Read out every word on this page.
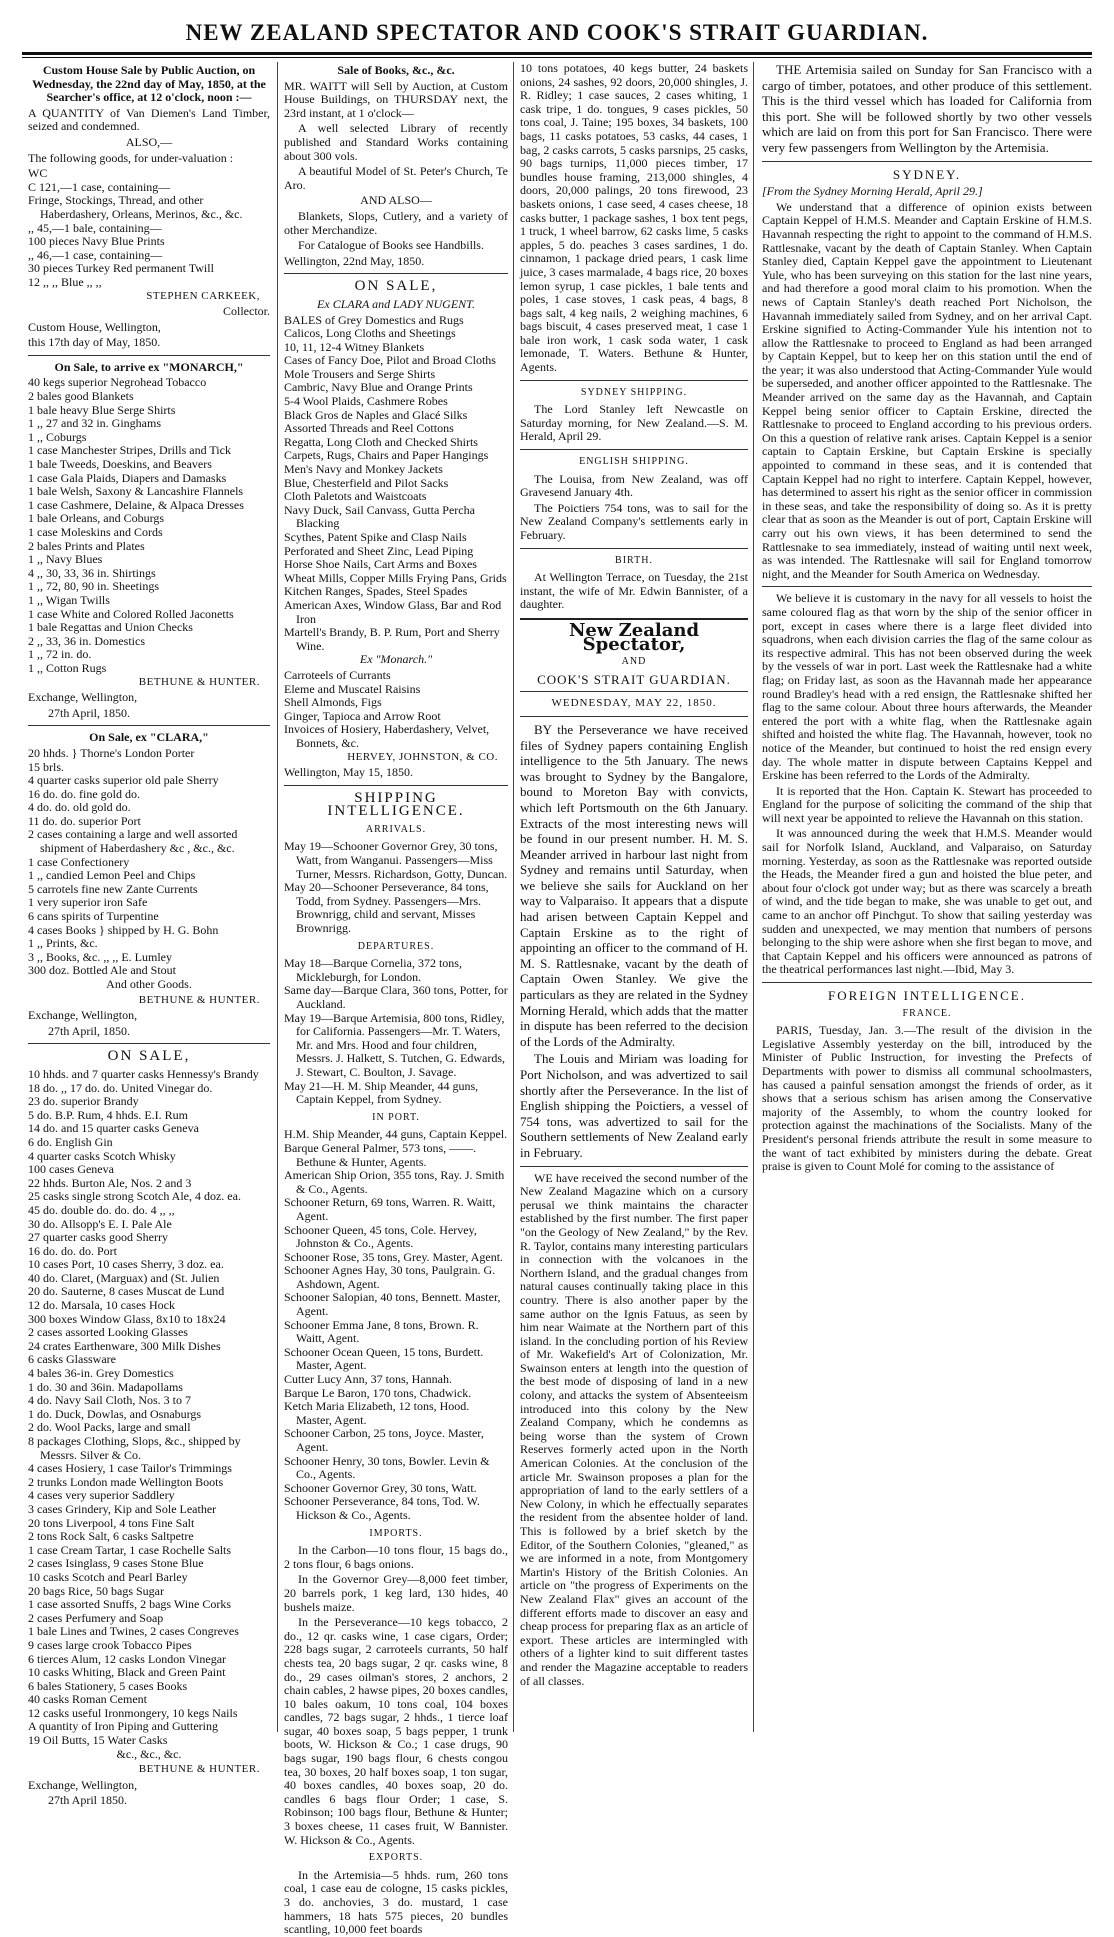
NEW ZEALAND SPECTATOR AND COOK'S STRAIT GUARDIAN.

Custom House Sale by Public Auction, on Wednesday, the 22nd day of May, 1850, at the Searcher's office, at 12 o'clock, noon :—

A QUANTITY of Van Diemen's Land Timber, seized and condemned.

ALSO,—

The following goods, for under-valuation :

WC

C 121,—1 case, containing—

Fringe, Stockings, Thread, and other Haberdashery, Orleans, Merinos, &c., &c.

,, 45,—1 bale, containing—

100 pieces Navy Blue Prints

,, 46,—1 case, containing—

30 pieces Turkey Red permanent Twill

12 ,, ,, Blue ,, ,,

STEPHEN CARKEEK,

Collector.

Custom House, Wellington,

this 17th day of May, 1850.

On Sale, to arrive ex "MONARCH,"

40 kegs superior Negrohead Tobacco

2 bales good Blankets

1 bale heavy Blue Serge Shirts

1 ,, 27 and 32 in. Ginghams

1 ,, Coburgs

1 case Manchester Stripes, Drills and Tick

1 bale Tweeds, Doeskins, and Beavers

1 case Gala Plaids, Diapers and Damasks

1 bale Welsh, Saxony & Lancashire Flannels

1 case Cashmere, Delaine, & Alpaca Dresses

1 bale Orleans, and Coburgs

1 case Moleskins and Cords

2 bales Prints and Plates

1 ,, Navy Blues

4 ,, 30, 33, 36 in. Shirtings

1 ,, 72, 80, 90 in. Sheetings

1 ,, Wigan Twills

1 case White and Colored Rolled Jaconetts

1 bale Regattas and Union Checks

2 ,, 33, 36 in. Domestics

1 ,, 72 in. do.

1 ,, Cotton Rugs

BETHUNE & HUNTER.

Exchange, Wellington,

27th April, 1850.

On Sale, ex "CLARA,"

20 hhds. } Thorne's London Porter

15 brls.

4 quarter casks superior old pale Sherry

16 do. do. fine gold do.

4 do. do. old gold do.

11 do. do. superior Port

2 cases containing a large and well assorted shipment of Haberdashery &c , &c., &c.

1 case Confectionery

1 ,, candied Lemon Peel and Chips

5 carrotels fine new Zante Currents

1 very superior iron Safe

6 cans spirits of Turpentine

4 cases Books } shipped by H. G. Bohn

1 ,, Prints, &c.

3 ,, Books, &c. ,, ,, E. Lumley

300 doz. Bottled Ale and Stout

And other Goods.

BETHUNE & HUNTER.

Exchange, Wellington,

27th April, 1850.

ON SALE,

10 hhds. and 7 quarter casks Hennessy's Brandy

18 do. ,, 17 do. do. United Vinegar do.

23 do. superior Brandy

5 do. B.P. Rum, 4 hhds. E.I. Rum

14 do. and 15 quarter casks Geneva

6 do. English Gin

4 quarter casks Scotch Whisky

100 cases Geneva

22 hhds. Burton Ale, Nos. 2 and 3

25 casks single strong Scotch Ale, 4 doz. ea.

45 do. double do. do. do. 4 ,, ,,

30 do. Allsopp's E. I. Pale Ale

27 quarter casks good Sherry

16 do. do. do. Port

10 cases Port, 10 cases Sherry, 3 doz. ea.

40 do. Claret, (Marguax) and (St. Julien

20 do. Sauterne, 8 cases Muscat de Lund

12 do. Marsala, 10 cases Hock

300 boxes Window Glass, 8x10 to 18x24

2 cases assorted Looking Glasses

24 crates Earthenware, 300 Milk Dishes

6 casks Glassware

4 bales 36-in. Grey Domestics

1 do. 30 and 36in. Madapollams

4 do. Navy Sail Cloth, Nos. 3 to 7

1 do. Duck, Dowlas, and Osnaburgs

2 do. Wool Packs, large and small

8 packages Clothing, Slops, &c., shipped by Messrs. Silver & Co.

4 cases Hosiery, 1 case Tailor's Trimmings

2 trunks London made Wellington Boots

4 cases very superior Saddlery

3 cases Grindery, Kip and Sole Leather

20 tons Liverpool, 4 tons Fine Salt

2 tons Rock Salt, 6 casks Saltpetre

1 case Cream Tartar, 1 case Rochelle Salts

2 cases Isinglass, 9 cases Stone Blue

10 casks Scotch and Pearl Barley

20 bags Rice, 50 bags Sugar

1 case assorted Snuffs, 2 bags Wine Corks

2 cases Perfumery and Soap

1 bale Lines and Twines, 2 cases Congreves

9 cases large crook Tobacco Pipes

6 tierces Alum, 12 casks London Vinegar

10 casks Whiting, Black and Green Paint

6 bales Stationery, 5 cases Books

40 casks Roman Cement

12 casks useful Ironmongery, 10 kegs Nails

A quantity of Iron Piping and Guttering

19 Oil Butts, 15 Water Casks

&c., &c., &c.

BETHUNE & HUNTER.

Exchange, Wellington,

27th April 1850.

Sale of Books, &c., &c.

MR. WAITT will Sell by Auction, at Custom House Buildings, on THURSDAY next, the 23rd instant, at 1 o'clock—

A well selected Library of recently published and Standard Works containing about 300 vols.

A beautiful Model of St. Peter's Church, Te Aro.

AND ALSO—

Blankets, Slops, Cutlery, and a variety of other Merchandize.

For Catalogue of Books see Handbills.

Wellington, 22nd May, 1850.

ON SALE,

Ex CLARA and LADY NUGENT.

BALES of Grey Domestics and Rugs

Calicos, Long Cloths and Sheetings

10, 11, 12-4 Witney Blankets

Cases of Fancy Doe, Pilot and Broad Cloths

Mole Trousers and Serge Shirts

Cambric, Navy Blue and Orange Prints

5-4 Wool Plaids, Cashmere Robes

Black Gros de Naples and Glacé Silks

Assorted Threads and Reel Cottons

Regatta, Long Cloth and Checked Shirts

Carpets, Rugs, Chairs and Paper Hangings

Men's Navy and Monkey Jackets

Blue, Chesterfield and Pilot Sacks

Cloth Paletots and Waistcoats

Navy Duck, Sail Canvass, Gutta Percha Blacking

Scythes, Patent Spike and Clasp Nails

Perforated and Sheet Zinc, Lead Piping

Horse Shoe Nails, Cart Arms and Boxes

Wheat Mills, Copper Mills Frying Pans, Grids

Kitchen Ranges, Spades, Steel Spades

American Axes, Window Glass, Bar and Rod Iron

Martell's Brandy, B. P. Rum, Port and Sherry Wine.

Ex "Monarch."

Carroteels of Currants

Eleme and Muscatel Raisins

Shell Almonds, Figs

Ginger, Tapioca and Arrow Root

Invoices of Hosiery, Haberdashery, Velvet, Bonnets, &c.

HERVEY, JOHNSTON, & CO.

Wellington, May 15, 1850.

SHIPPING INTELLIGENCE.

ARRIVALS.

May 19—Schooner Governor Grey, 30 tons, Watt, from Wanganui. Passengers—Miss Turner, Messrs. Richardson, Gotty, Duncan.

May 20—Schooner Perseverance, 84 tons, Todd, from Sydney. Passengers—Mrs. Brownrigg, child and servant, Misses Brownrigg.

DEPARTURES.

May 18—Barque Cornelia, 372 tons, Mickleburgh, for London.

Same day—Barque Clara, 360 tons, Potter, for Auckland.

May 19—Barque Artemisia, 800 tons, Ridley, for California. Passengers—Mr. T. Waters, Mr. and Mrs. Hood and four children, Messrs. J. Halkett, S. Tutchen, G. Edwards, J. Stewart, C. Boulton, J. Savage.

May 21—H. M. Ship Meander, 44 guns, Captain Keppel, from Sydney.

IN PORT.

H.M. Ship Meander, 44 guns, Captain Keppel.

Barque General Palmer, 573 tons, ——. Bethune & Hunter, Agents.

American Ship Orion, 355 tons, Ray. J. Smith & Co., Agents.

Schooner Return, 69 tons, Warren. R. Waitt, Agent.

Schooner Queen, 45 tons, Cole. Hervey, Johnston & Co., Agents.

Schooner Rose, 35 tons, Grey. Master, Agent.

Schooner Agnes Hay, 30 tons, Paulgrain. G. Ashdown, Agent.

Schooner Salopian, 40 tons, Bennett. Master, Agent.

Schooner Emma Jane, 8 tons, Brown. R. Waitt, Agent.

Schooner Ocean Queen, 15 tons, Burdett. Master, Agent.

Cutter Lucy Ann, 37 tons, Hannah.

Barque Le Baron, 170 tons, Chadwick.

Ketch Maria Elizabeth, 12 tons, Hood. Master, Agent.

Schooner Carbon, 25 tons, Joyce. Master, Agent.

Schooner Henry, 30 tons, Bowler. Levin & Co., Agents.

Schooner Governor Grey, 30 tons, Watt.

Schooner Perseverance, 84 tons, Tod. W. Hickson & Co., Agents.

IMPORTS.

In the Carbon—10 tons flour, 15 bags do., 2 tons flour, 6 bags onions.

In the Governor Grey—8,000 feet timber, 20 barrels pork, 1 keg lard, 130 hides, 40 bushels maize.

In the Perseverance—10 kegs tobacco, 2 do., 12 qr. casks wine, 1 case cigars, Order; 228 bags sugar, 2 carroteels currants, 50 half chests tea, 20 bags sugar, 2 qr. casks wine, 8 do., 29 cases oilman's stores, 2 anchors, 2 chain cables, 2 hawse pipes, 20 boxes candles, 10 bales oakum, 10 tons coal, 104 boxes candles, 72 bags sugar, 2 hhds., 1 tierce loaf sugar, 40 boxes soap, 5 bags pepper, 1 trunk boots, W. Hickson & Co.; 1 case drugs, 90 bags sugar, 190 bags flour, 6 chests congou tea, 30 boxes, 20 half boxes soap, 1 ton sugar, 40 boxes candles, 40 boxes soap, 20 do. candles 6 bags flour Order; 1 case, S. Robinson; 100 bags flour, Bethune & Hunter; 3 boxes cheese, 11 cases fruit, W Bannister. W. Hickson & Co., Agents.

EXPORTS.

In the Artemisia—5 hhds. rum, 260 tons coal, 1 case eau de cologne, 15 casks pickles, 3 do. anchovies, 3 do. mustard, 1 case hammers, 18 hats 575 pieces, 20 bundles scantling, 10,000 feet boards

10 tons potatoes, 40 kegs butter, 24 baskets onions, 24 sashes, 92 doors, 20,000 shingles, J. R. Ridley; 1 case sauces, 2 cases whiting, 1 cask tripe, 1 do. tongues, 9 cases pickles, 50 tons coal, J. Taine; 195 boxes, 34 baskets, 100 bags, 11 casks potatoes, 53 casks, 44 cases, 1 bag, 2 casks carrots, 5 casks parsnips, 25 casks, 90 bags turnips, 11,000 pieces timber, 17 bundles house framing, 213,000 shingles, 4 doors, 20,000 palings, 20 tons firewood, 23 baskets onions, 1 case seed, 4 cases cheese, 18 casks butter, 1 package sashes, 1 box tent pegs, 1 truck, 1 wheel barrow, 62 casks lime, 5 casks apples, 5 do. peaches 3 cases sardines, 1 do. cinnamon, 1 package dried pears, 1 cask lime juice, 3 cases marmalade, 4 bags rice, 20 boxes lemon syrup, 1 case pickles, 1 bale tents and poles, 1 case stoves, 1 cask peas, 4 bags, 8 bags salt, 4 keg nails, 2 weighing machines, 6 bags biscuit, 4 cases preserved meat, 1 case 1 bale iron work, 1 cask soda water, 1 cask lemonade, T. Waters. Bethune & Hunter, Agents.

SYDNEY SHIPPING.

The Lord Stanley left Newcastle on Saturday morning, for New Zealand.—S. M. Herald, April 29.

ENGLISH SHIPPING.

The Louisa, from New Zealand, was off Gravesend January 4th.

The Poictiers 754 tons, was to sail for the New Zealand Company's settlements early in February.

BIRTH.

At Wellington Terrace, on Tuesday, the 21st instant, the wife of Mr. Edwin Bannister, of a daughter.

New Zealand Spectator,

AND

COOK'S STRAIT GUARDIAN.

WEDNESDAY, MAY 22, 1850.

BY the Perseverance we have received files of Sydney papers containing English intelligence to the 5th January. The news was brought to Sydney by the Bangalore, bound to Moreton Bay with convicts, which left Portsmouth on the 6th January. Extracts of the most interesting news will be found in our present number. H. M. S. Meander arrived in harbour last night from Sydney and remains until Saturday, when we believe she sails for Auckland on her way to Valparaiso. It appears that a dispute had arisen between Captain Keppel and Captain Erskine as to the right of appointing an officer to the command of H. M. S. Rattlesnake, vacant by the death of Captain Owen Stanley. We give the particulars as they are related in the Sydney Morning Herald, which adds that the matter in dispute has been referred to the decision of the Lords of the Admiralty.

The Louis and Miriam was loading for Port Nicholson, and was advertized to sail shortly after the Perseverance. In the list of English shipping the Poictiers, a vessel of 754 tons, was advertized to sail for the Southern settlements of New Zealand early in February.

WE have received the second number of the New Zealand Magazine which on a cursory perusal we think maintains the character established by the first number. The first paper "on the Geology of New Zealand," by the Rev. R. Taylor, contains many interesting particulars in connection with the volcanoes in the Northern Island, and the gradual changes from natural causes continually taking place in this country. There is also another paper by the same author on the Ignis Fatuus, as seen by him near Waimate at the Northern part of this island. In the concluding portion of his Review of Mr. Wakefield's Art of Colonization, Mr. Swainson enters at length into the question of the best mode of disposing of land in a new colony, and attacks the system of Absenteeism introduced into this colony by the New Zealand Company, which he condemns as being worse than the system of Crown Reserves formerly acted upon in the North American Colonies. At the conclusion of the article Mr. Swainson proposes a plan for the appropriation of land to the early settlers of a New Colony, in which he effectually separates the resident from the absentee holder of land. This is followed by a brief sketch by the Editor, of the Southern Colonies, "gleaned," as we are informed in a note, from Montgomery Martin's History of the British Colonies. An article on "the progress of Experiments on the New Zealand Flax" gives an account of the different efforts made to discover an easy and cheap process for preparing flax as an article of export. These articles are intermingled with others of a lighter kind to suit different tastes and render the Magazine acceptable to readers of all classes.

THE Artemisia sailed on Sunday for San Francisco with a cargo of timber, potatoes, and other produce of this settlement. This is the third vessel which has loaded for California from this port. She will be followed shortly by two other vessels which are laid on from this port for San Francisco. There were very few passengers from Wellington by the Artemisia.

SYDNEY.

[From the Sydney Morning Herald, April 29.]

We understand that a difference of opinion exists between Captain Keppel of H.M.S. Meander and Captain Erskine of H.M.S. Havannah respecting the right to appoint to the command of H.M.S. Rattlesnake, vacant by the death of Captain Stanley. When Captain Stanley died, Captain Keppel gave the appointment to Lieutenant Yule, who has been surveying on this station for the last nine years, and had therefore a good moral claim to his promotion. When the news of Captain Stanley's death reached Port Nicholson, the Havannah immediately sailed from Sydney, and on her arrival Capt. Erskine signified to Acting-Commander Yule his intention not to allow the Rattlesnake to proceed to England as had been arranged by Captain Keppel, but to keep her on this station until the end of the year; it was also understood that Acting-Commander Yule would be superseded, and another officer appointed to the Rattlesnake. The Meander arrived on the same day as the Havannah, and Captain Keppel being senior officer to Captain Erskine, directed the Rattlesnake to proceed to England according to his previous orders. On this a question of relative rank arises. Captain Keppel is a senior captain to Captain Erskine, but Captain Erskine is specially appointed to command in these seas, and it is contended that Captain Keppel had no right to interfere. Captain Keppel, however, has determined to assert his right as the senior officer in commission in these seas, and take the responsibility of doing so. As it is pretty clear that as soon as the Meander is out of port, Captain Erskine will carry out his own views, it has been determined to send the Rattlesnake to sea immediately, instead of waiting until next week, as was intended. The Rattlesnake will sail for England tomorrow night, and the Meander for South America on Wednesday.

We believe it is customary in the navy for all vessels to hoist the same coloured flag as that worn by the ship of the senior officer in port, except in cases where there is a large fleet divided into squadrons, when each division carries the flag of the same colour as its respective admiral. This has not been observed during the week by the vessels of war in port. Last week the Rattlesnake had a white flag; on Friday last, as soon as the Havannah made her appearance round Bradley's head with a red ensign, the Rattlesnake shifted her flag to the same colour. About three hours afterwards, the Meander entered the port with a white flag, when the Rattlesnake again shifted and hoisted the white flag. The Havannah, however, took no notice of the Meander, but continued to hoist the red ensign every day. The whole matter in dispute between Captains Keppel and Erskine has been referred to the Lords of the Admiralty.

It is reported that the Hon. Captain K. Stewart has proceeded to England for the purpose of soliciting the command of the ship that will next year be appointed to relieve the Havannah on this station.

It was announced during the week that H.M.S. Meander would sail for Norfolk Island, Auckland, and Valparaiso, on Saturday morning. Yesterday, as soon as the Rattlesnake was reported outside the Heads, the Meander fired a gun and hoisted the blue peter, and about four o'clock got under way; but as there was scarcely a breath of wind, and the tide began to make, she was unable to get out, and came to an anchor off Pinchgut. To show that sailing yesterday was sudden and unexpected, we may mention that numbers of persons belonging to the ship were ashore when she first began to move, and that Captain Keppel and his officers were announced as patrons of the theatrical performances last night.—Ibid, May 3.

FOREIGN INTELLIGENCE.

FRANCE.

PARIS, Tuesday, Jan. 3.—The result of the division in the Legislative Assembly yesterday on the bill, introduced by the Minister of Public Instruction, for investing the Prefects of Departments with power to dismiss all communal schoolmasters, has caused a painful sensation amongst the friends of order, as it shows that a serious schism has arisen among the Conservative majority of the Assembly, to whom the country looked for protection against the machinations of the Socialists. Many of the President's personal friends attribute the result in some measure to the want of tact exhibited by ministers during the debate. Great praise is given to Count Molé for coming to the assistance of
